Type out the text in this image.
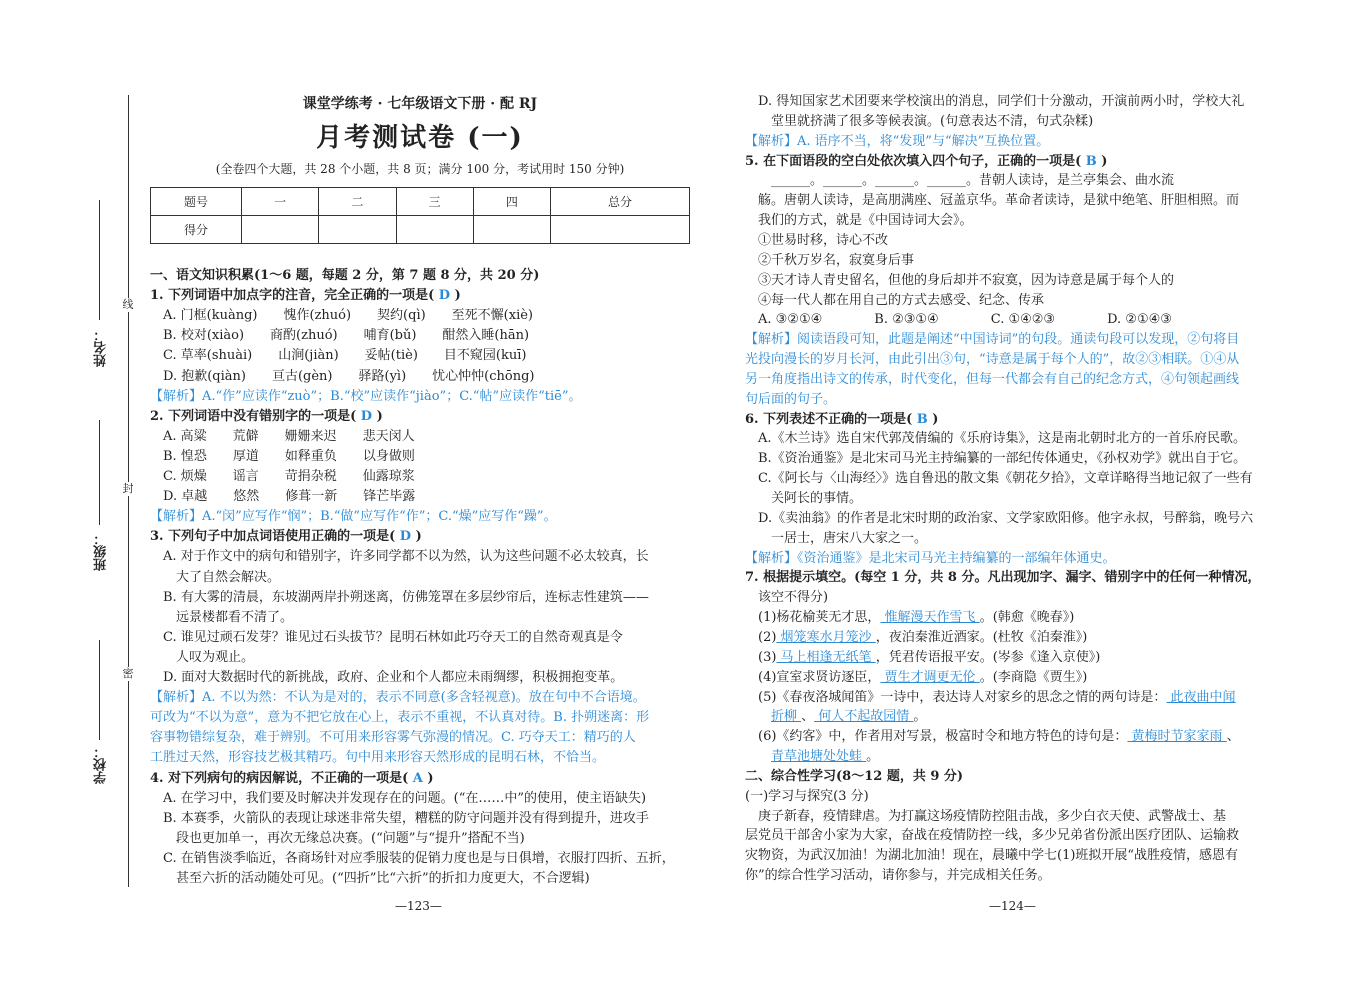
线
封
密
姓名：
班级：
学校：
课堂学练考 · 七年级语文下册 · 配 RJ
月考测试卷 (一)
(全卷四个大题，共 28 个小题，共 8 页；满分 100 分，考试用时 150 分钟)
题号	一	二	三	四	总分
得分					
一、语文知识积累(1～6 题，每题 2 分，第 7 题 8 分，共 20 分)
1. 下列词语中加点字的注音，完全正确的一项是( D )
A. 门框(kuàng)　　愧作(zhuó)　　契约(qì)　　至死不懈(xiè)
B. 校对(xiào)　　商酌(zhuó)　　哺育(bǔ)　　酣然入睡(hān)
C. 草率(shuài)　　山涧(jiàn)　　妥帖(tiè)　　目不窥园(kuī)
D. 抱歉(qiàn)　　亘古(gèn)　　驿路(yì)　　忧心忡忡(chōng)
【解析】A.“作”应读作“zuò”；B.“校”应读作“jiào”；C.“帖”应读作“tiē”。
2. 下列词语中没有错别字的一项是( D )
A. 高粱　　荒僻　　姗姗来迟　　悲天闵人
B. 惶恐　　厚道　　如释重负　　以身做则
C. 烦燥　　谣言　　苛捐杂税　　仙露琼浆
D. 卓越　　悠然　　修葺一新　　锋芒毕露
【解析】A.“闵”应写作“悯”；B.“做”应写作“作”；C.“燥”应写作“躁”。
3. 下列句子中加点词语使用正确的一项是( D )
A. 对于作文中的病句和错别字，许多同学都不以为然，认为这些问题不必太较真，长
大了自然会解决。
B. 有大雾的清晨，东坡湖两岸扑朔迷离，仿佛笼罩在多层纱帘后，连标志性建筑——
远景楼都看不清了。
C. 谁见过顽石发芽？谁见过石头拔节？昆明石林如此巧夺天工的自然奇观真是令
人叹为观止。
D. 面对大数据时代的新挑战，政府、企业和个人都应未雨绸缪，积极拥抱变革。
【解析】A. 不以为然：不认为是对的，表示不同意(多含轻视意)。放在句中不合语境。
可改为“不以为意”，意为不把它放在心上，表示不重视，不认真对待。B. 扑朔迷离：形
容事物错综复杂，难于辨别。不可用来形容雾气弥漫的情况。C. 巧夺天工：精巧的人
工胜过天然，形容技艺极其精巧。句中用来形容天然形成的昆明石林，不恰当。
4. 对下列病句的病因解说，不正确的一项是( A )
A. 在学习中，我们要及时解决并发现存在的问题。(“在……中”的使用，使主语缺失)
B. 本赛季，火箭队的表现让球迷非常失望，糟糕的防守问题并没有得到提升，进攻手
段也更加单一，再次无缘总决赛。(“问题”与“提升”搭配不当)
C. 在销售淡季临近，各商场针对应季服装的促销力度也是与日俱增，衣服打四折、五折，
甚至六折的活动随处可见。(“四折”比“六折”的折扣力度更大，不合逻辑)
D. 得知国家艺术团要来学校演出的消息，同学们十分激动，开演前两小时，学校大礼
堂里就挤满了很多等候表演。(句意表达不清，句式杂糅)
【解析】A. 语序不当，将“发现”与“解决”互换位置。
5. 在下面语段的空白处依次填入四个句子，正确的一项是( B )
______。______。______。______。昔朝人读诗，是兰亭集会、曲水流
觞。唐朝人读诗，是高朋满座、冠盖京华。革命者读诗，是狱中绝笔、肝胆相照。而
我们的方式，就是《中国诗词大会》。
①世易时移，诗心不改
②千秋万岁名，寂寞身后事
③天才诗人青史留名，但他的身后却并不寂寞，因为诗意是属于每个人的
④每一代人都在用自己的方式去感受、纪念、传承
A. ③②①④　　　　B. ②③①④　　　　C. ①④②③　　　　D. ②①④③
【解析】阅读语段可知，此题是阐述“中国诗词”的句段。通读句段可以发现，②句将目
光投向漫长的岁月长河，由此引出③句，“诗意是属于每个人的”，故②③相联。①④从
另一角度指出诗文的传承，时代变化，但每一代都会有自己的纪念方式，④句领起画线
句后面的句子。
6. 下列表述不正确的一项是( B )
A.《木兰诗》选自宋代郭茂倩编的《乐府诗集》，这是南北朝时北方的一首乐府民歌。
B.《资治通鉴》是北宋司马光主持编纂的一部纪传体通史，《孙权劝学》就出自于它。
C.《阿长与〈山海经〉》选自鲁迅的散文集《朝花夕拾》，文章详略得当地记叙了一些有
关阿长的事情。
D.《卖油翁》的作者是北宋时期的政治家、文学家欧阳修。他字永叔，号醉翁，晚号六
一居士，唐宋八大家之一。
【解析】《资治通鉴》是北宋司马光主持编纂的一部编年体通史。
7. 根据提示填空。(每空 1 分，共 8 分。凡出现加字、漏字、错别字中的任何一种情况，
该空不得分)
(1)杨花榆荚无才思， 惟解漫天作雪飞 。(韩愈《晚春》)
(2) 烟笼寒水月笼沙 ，夜泊秦淮近酒家。(杜牧《泊秦淮》)
(3) 马上相逢无纸笔 ，凭君传语报平安。(岑参《逢入京使》)
(4)宣室求贤访逐臣， 贾生才调更无伦 。(李商隐《贾生》)
(5)《春夜洛城闻笛》一诗中，表达诗人对家乡的思念之情的两句诗是： 此夜曲中闻
折柳 、 何人不起故园情 。
(6)《约客》中，作者用对写景，极富时令和地方特色的诗句是： 黄梅时节家家雨 、
青草池塘处处蛙 。
二、综合性学习(8～12 题，共 9 分)
(一)学习与探究(3 分)
庚子新春，疫情肆虐。为打赢这场疫情防控阻击战，多少白衣天使、武警战士、基
层党员干部舍小家为大家，奋战在疫情防控一线，多少兄弟省份派出医疗团队、运输救
灾物资，为武汉加油！为湖北加油！现在，晨曦中学七(1)班拟开展“战胜疫情，感恩有
你”的综合性学习活动，请你参与，并完成相关任务。
—123—	—124—
